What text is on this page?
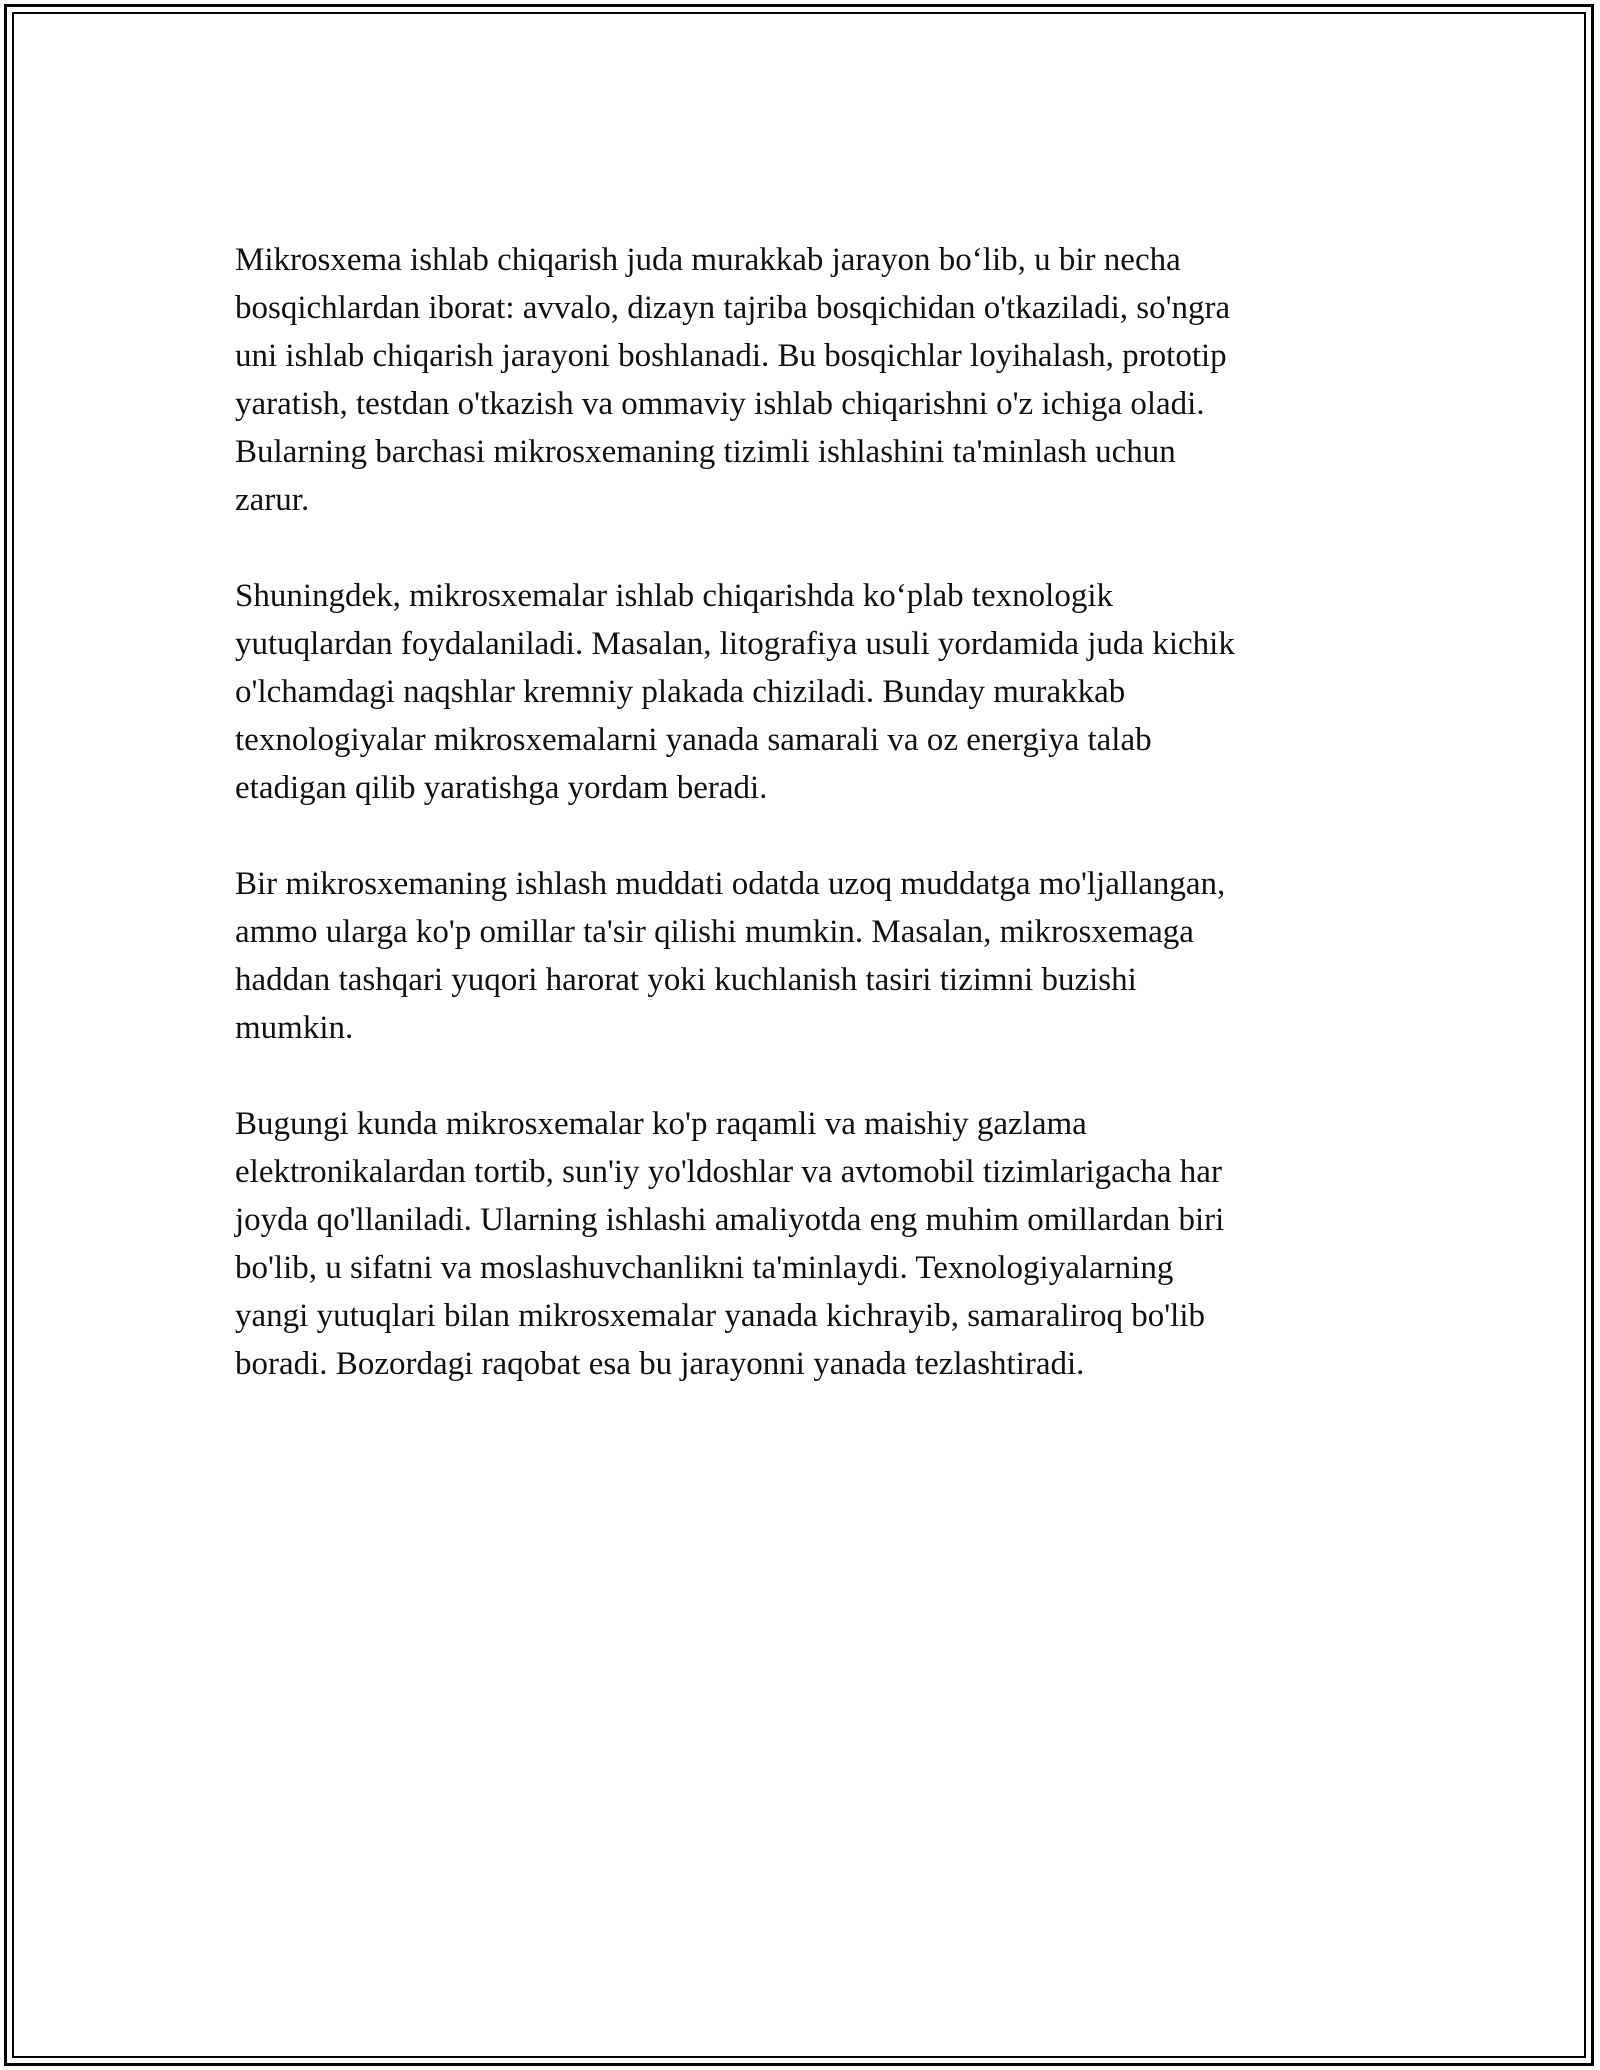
Mikrosxema ishlab chiqarish juda murakkab jarayon bo‘lib, u bir necha
bosqichlardan iborat: avvalo, dizayn tajriba bosqichidan o'tkaziladi, so'ngra
uni ishlab chiqarish jarayoni boshlanadi. Bu bosqichlar loyihalash, prototip
yaratish, testdan o'tkazish va ommaviy ishlab chiqarishni o'z ichiga oladi.
Bularning barchasi mikrosxemaning tizimli ishlashini ta'minlash uchun
zarur.

Shuningdek, mikrosxemalar ishlab chiqarishda ko‘plab texnologik
yutuqlardan foydalaniladi. Masalan, litografiya usuli yordamida juda kichik
o'lchamdagi naqshlar kremniy plakada chiziladi. Bunday murakkab
texnologiyalar mikrosxemalarni yanada samarali va oz energiya talab
etadigan qilib yaratishga yordam beradi.

Bir mikrosxemaning ishlash muddati odatda uzoq muddatga mo'ljallangan,
ammo ularga ko'p omillar ta'sir qilishi mumkin. Masalan, mikrosxemaga
haddan tashqari yuqori harorat yoki kuchlanish tasiri tizimni buzishi
mumkin.

Bugungi kunda mikrosxemalar ko'p raqamli va maishiy gazlama
elektronikalardan tortib, sun'iy yo'ldoshlar va avtomobil tizimlarigacha har
joyda qo'llaniladi. Ularning ishlashi amaliyotda eng muhim omillardan biri
bo'lib, u sifatni va moslashuvchanlikni ta'minlaydi. Texnologiyalarning
yangi yutuqlari bilan mikrosxemalar yanada kichrayib, samaraliroq bo'lib
boradi. Bozordagi raqobat esa bu jarayonni yanada tezlashtiradi.
